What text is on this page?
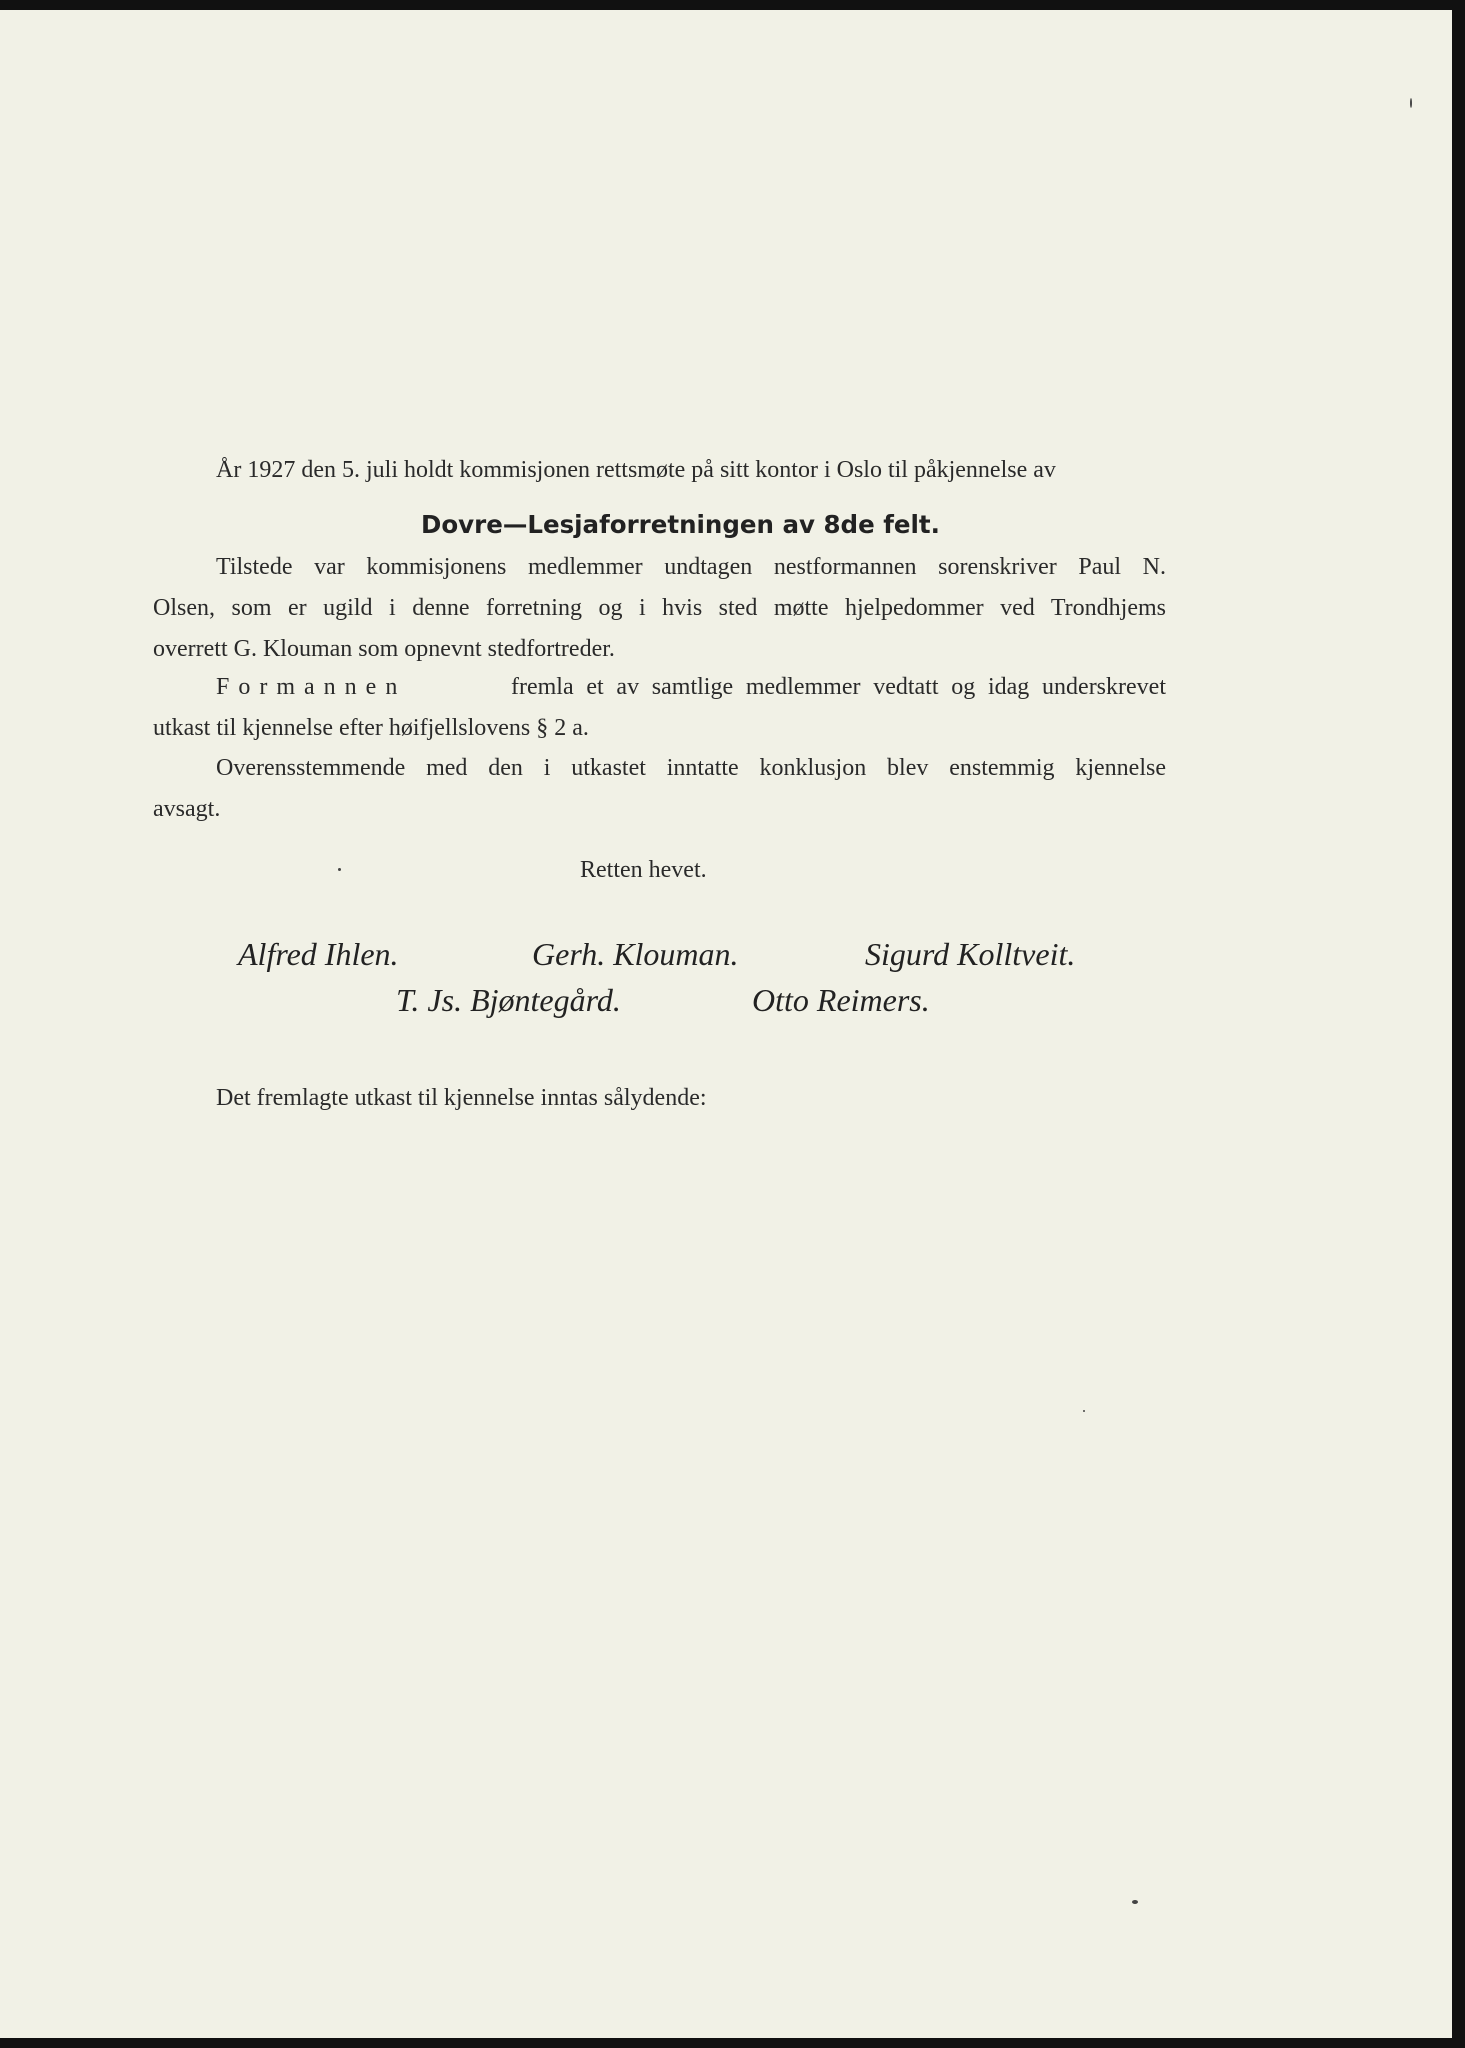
År 1927 den 5. juli holdt kommisjonen rettsmøte på sitt kontor i Oslo til påkjennelse av
Dovre—Lesjaforretningen av 8de felt.
Tilstede var kommisjonens medlemmer undtagen nestformannen sorenskriver Paul N.
Olsen, som er ugild i denne forretning og i hvis sted møtte hjelpedommer ved Trondhjems
overrett G. Klouman som opnevnt stedfortreder.
Formannen	fremla et av samtlige medlemmer vedtatt og idag underskrevet
utkast til kjennelse efter høifjellslovens § 2 a.
Overensstemmende med den i utkastet inntatte konklusjon blev enstemmig kjennelse
avsagt.
Retten hevet.
Alfred Ihlen.	Gerh. Klouman.	Sigurd Kolltveit.
T. Js. Bjøntegård.	Otto Reimers.
Det fremlagte utkast til kjennelse inntas sålydende:
